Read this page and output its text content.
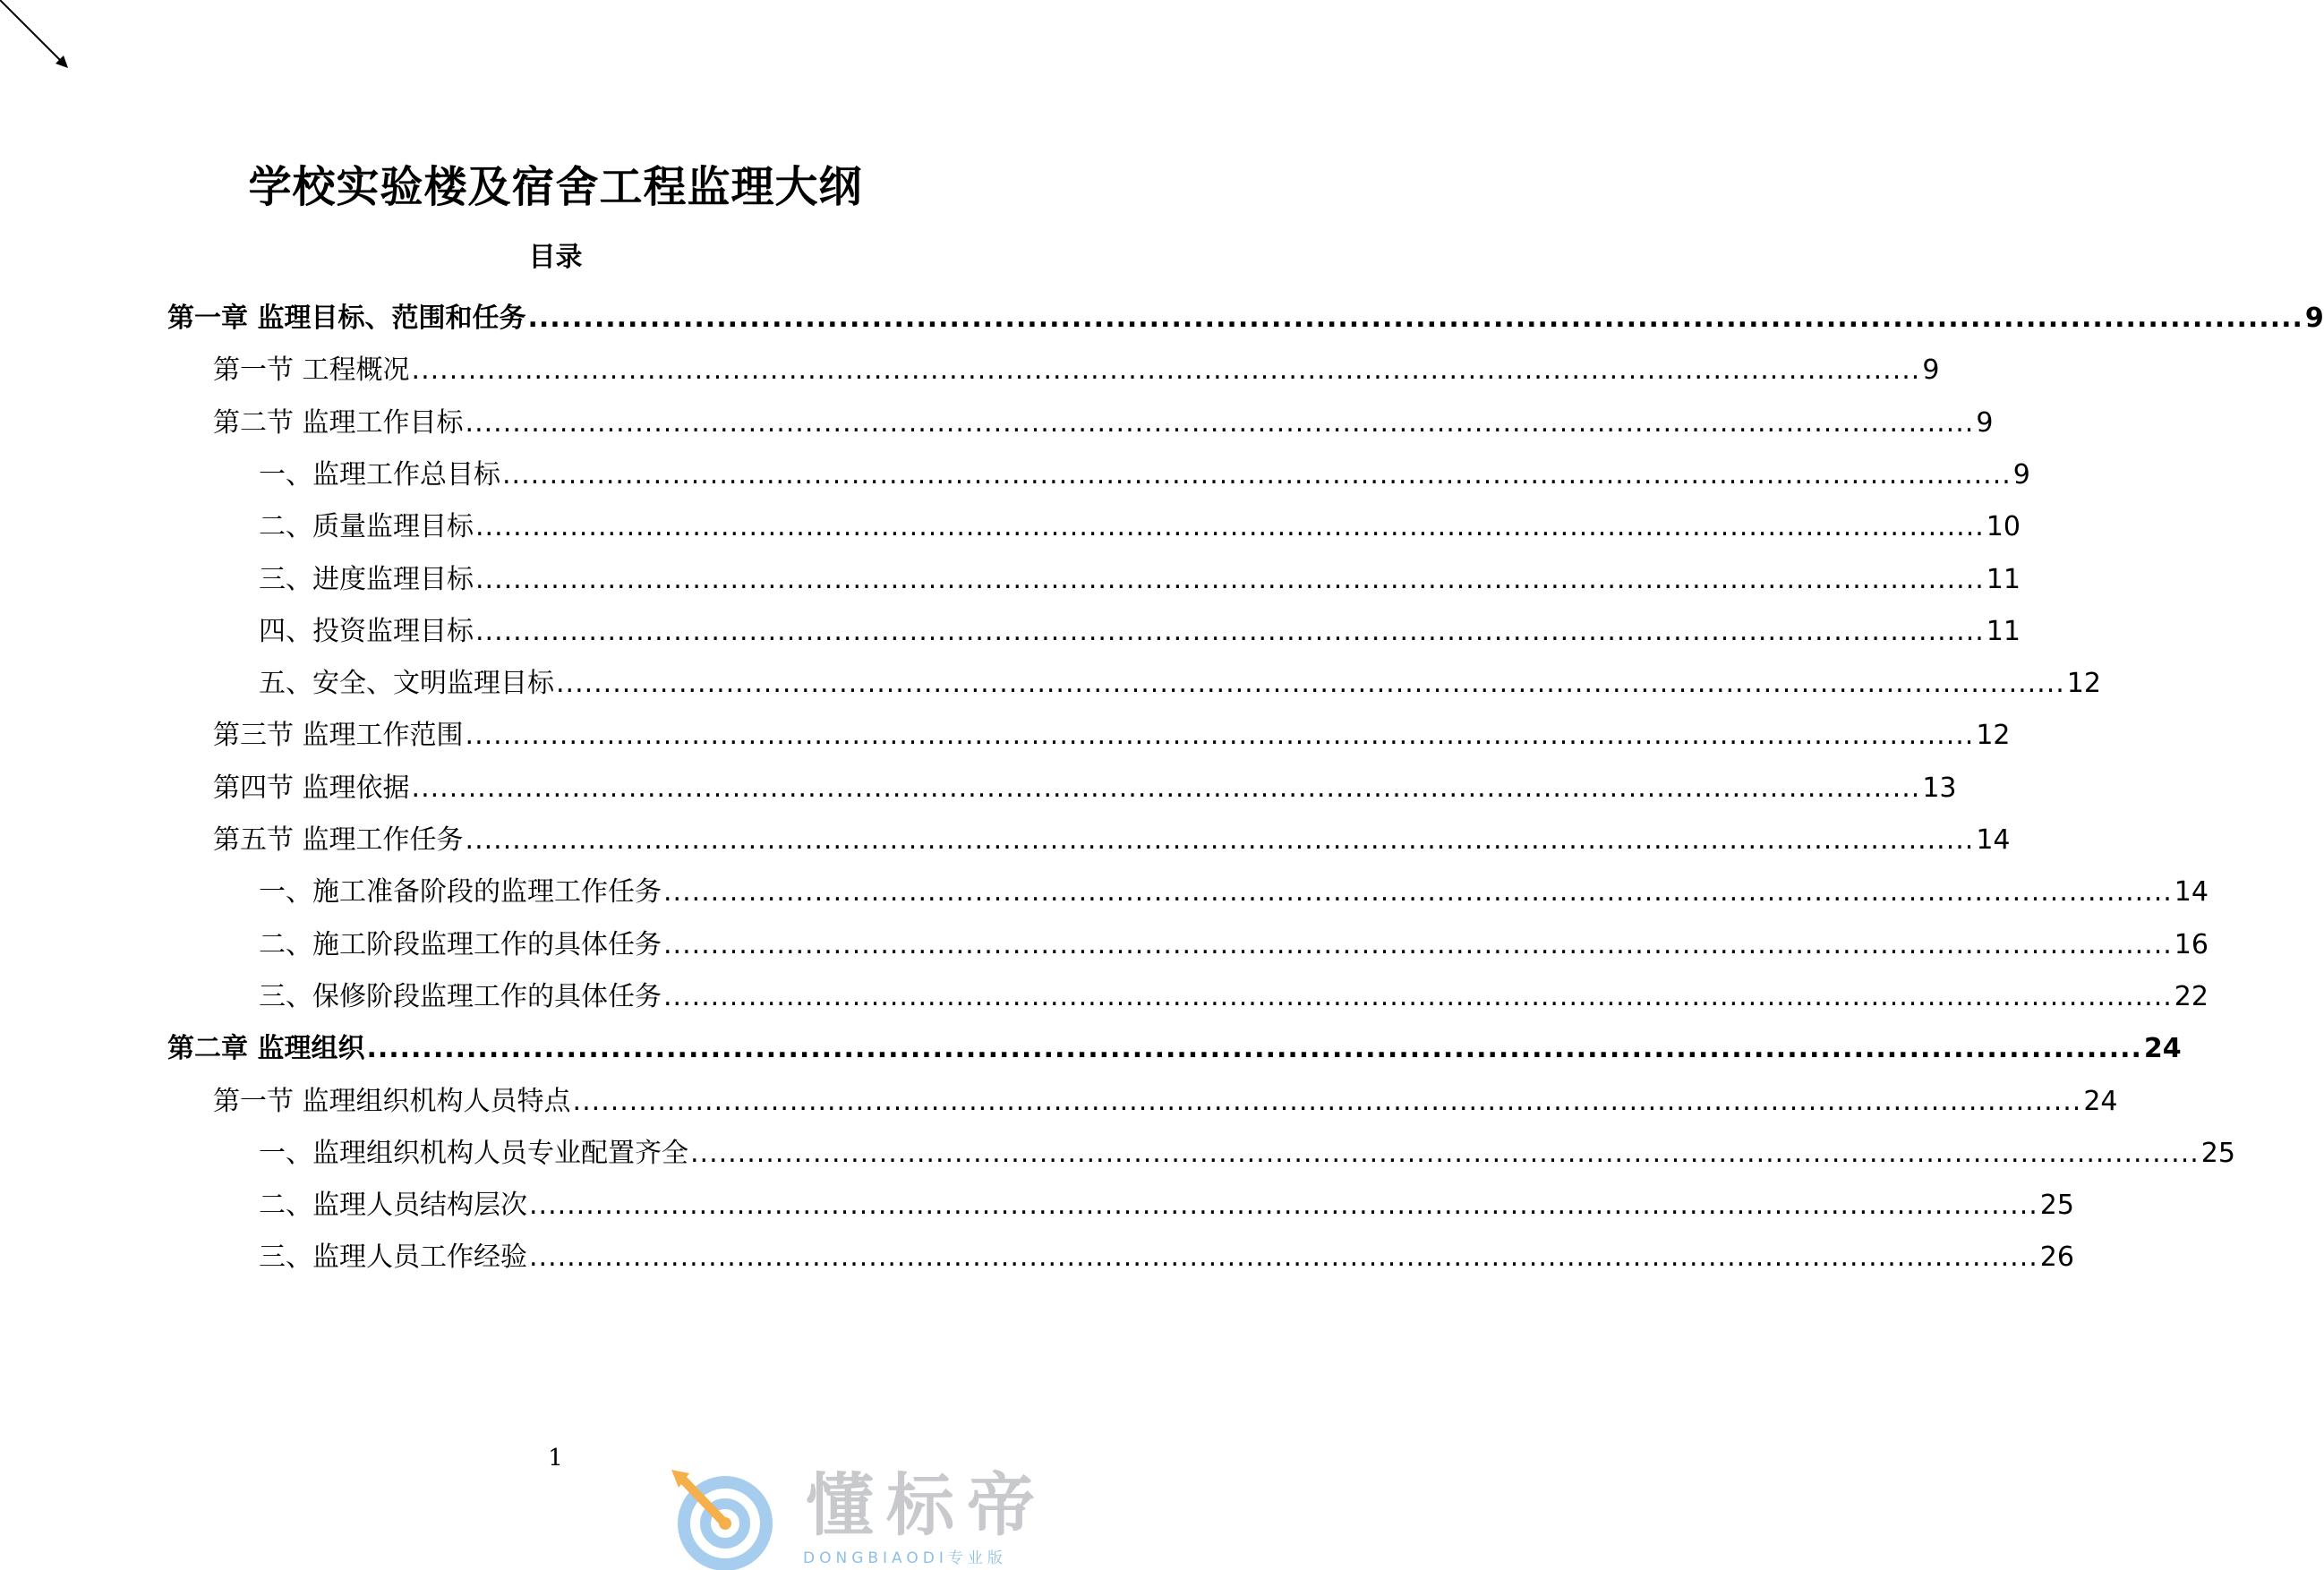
学校实验楼及宿舍工程监理大纲
目录
第一章 监理目标、范围和任务 ................................................................................................................................................................ 9
第一节 工程概况 ................................................................................................................................................................ 9
第二节 监理工作目标 ................................................................................................................................................................ 9
一、监理工作总目标 ................................................................................................................................................................ 9
二、质量监理目标 ................................................................................................................................................................ 10
三、进度监理目标 ................................................................................................................................................................ 11
四、投资监理目标 ................................................................................................................................................................ 11
五、安全、文明监理目标 ................................................................................................................................................................ 12
第三节 监理工作范围 ................................................................................................................................................................ 12
第四节 监理依据 ................................................................................................................................................................ 13
第五节 监理工作任务 ................................................................................................................................................................ 14
一、施工准备阶段的监理工作任务 ................................................................................................................................................................ 14
二、施工阶段监理工作的具体任务 ................................................................................................................................................................ 16
三、保修阶段监理工作的具体任务 ................................................................................................................................................................ 22
第二章 监理组织 ................................................................................................................................................................ 24
第一节 监理组织机构人员特点 ................................................................................................................................................................ 24
一、监理组织机构人员专业配置齐全 ................................................................................................................................................................ 25
二、监理人员结构层次 ................................................................................................................................................................ 25
三、监理人员工作经验 ................................................................................................................................................................ 26
1
懂标帝
DONGBIAODI专业版
